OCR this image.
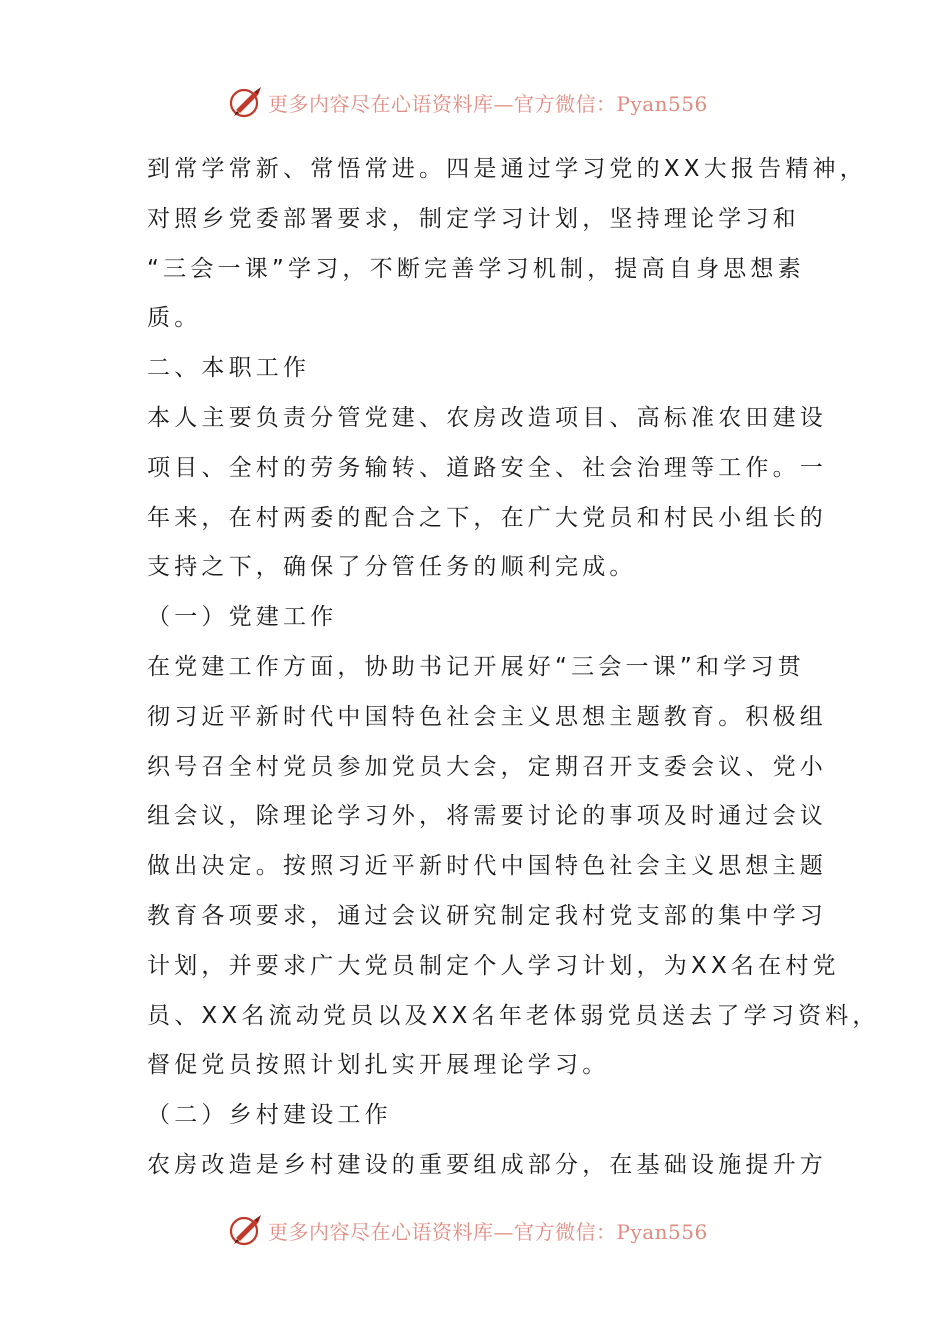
更多内容尽在心语资料库—官方微信：Pyan556
到常学常新、常悟常进。四是通过学习党的XX大报告精神，
对照乡党委部署要求，制定学习计划，坚持理论学习和
“三会一课”学习，不断完善学习机制，提高自身思想素
质。
二、本职工作
本人主要负责分管党建、农房改造项目、高标准农田建设
项目、全村的劳务输转、道路安全、社会治理等工作。一
年来，在村两委的配合之下，在广大党员和村民小组长的
支持之下，确保了分管任务的顺利完成。
（一）党建工作
在党建工作方面，协助书记开展好“三会一课”和学习贯
彻习近平新时代中国特色社会主义思想主题教育。积极组
织号召全村党员参加党员大会，定期召开支委会议、党小
组会议，除理论学习外，将需要讨论的事项及时通过会议
做出决定。按照习近平新时代中国特色社会主义思想主题
教育各项要求，通过会议研究制定我村党支部的集中学习
计划，并要求广大党员制定个人学习计划，为XX名在村党
员、XX名流动党员以及XX名年老体弱党员送去了学习资料，
督促党员按照计划扎实开展理论学习。
（二）乡村建设工作
农房改造是乡村建设的重要组成部分，在基础设施提升方
更多内容尽在心语资料库—官方微信：Pyan556
